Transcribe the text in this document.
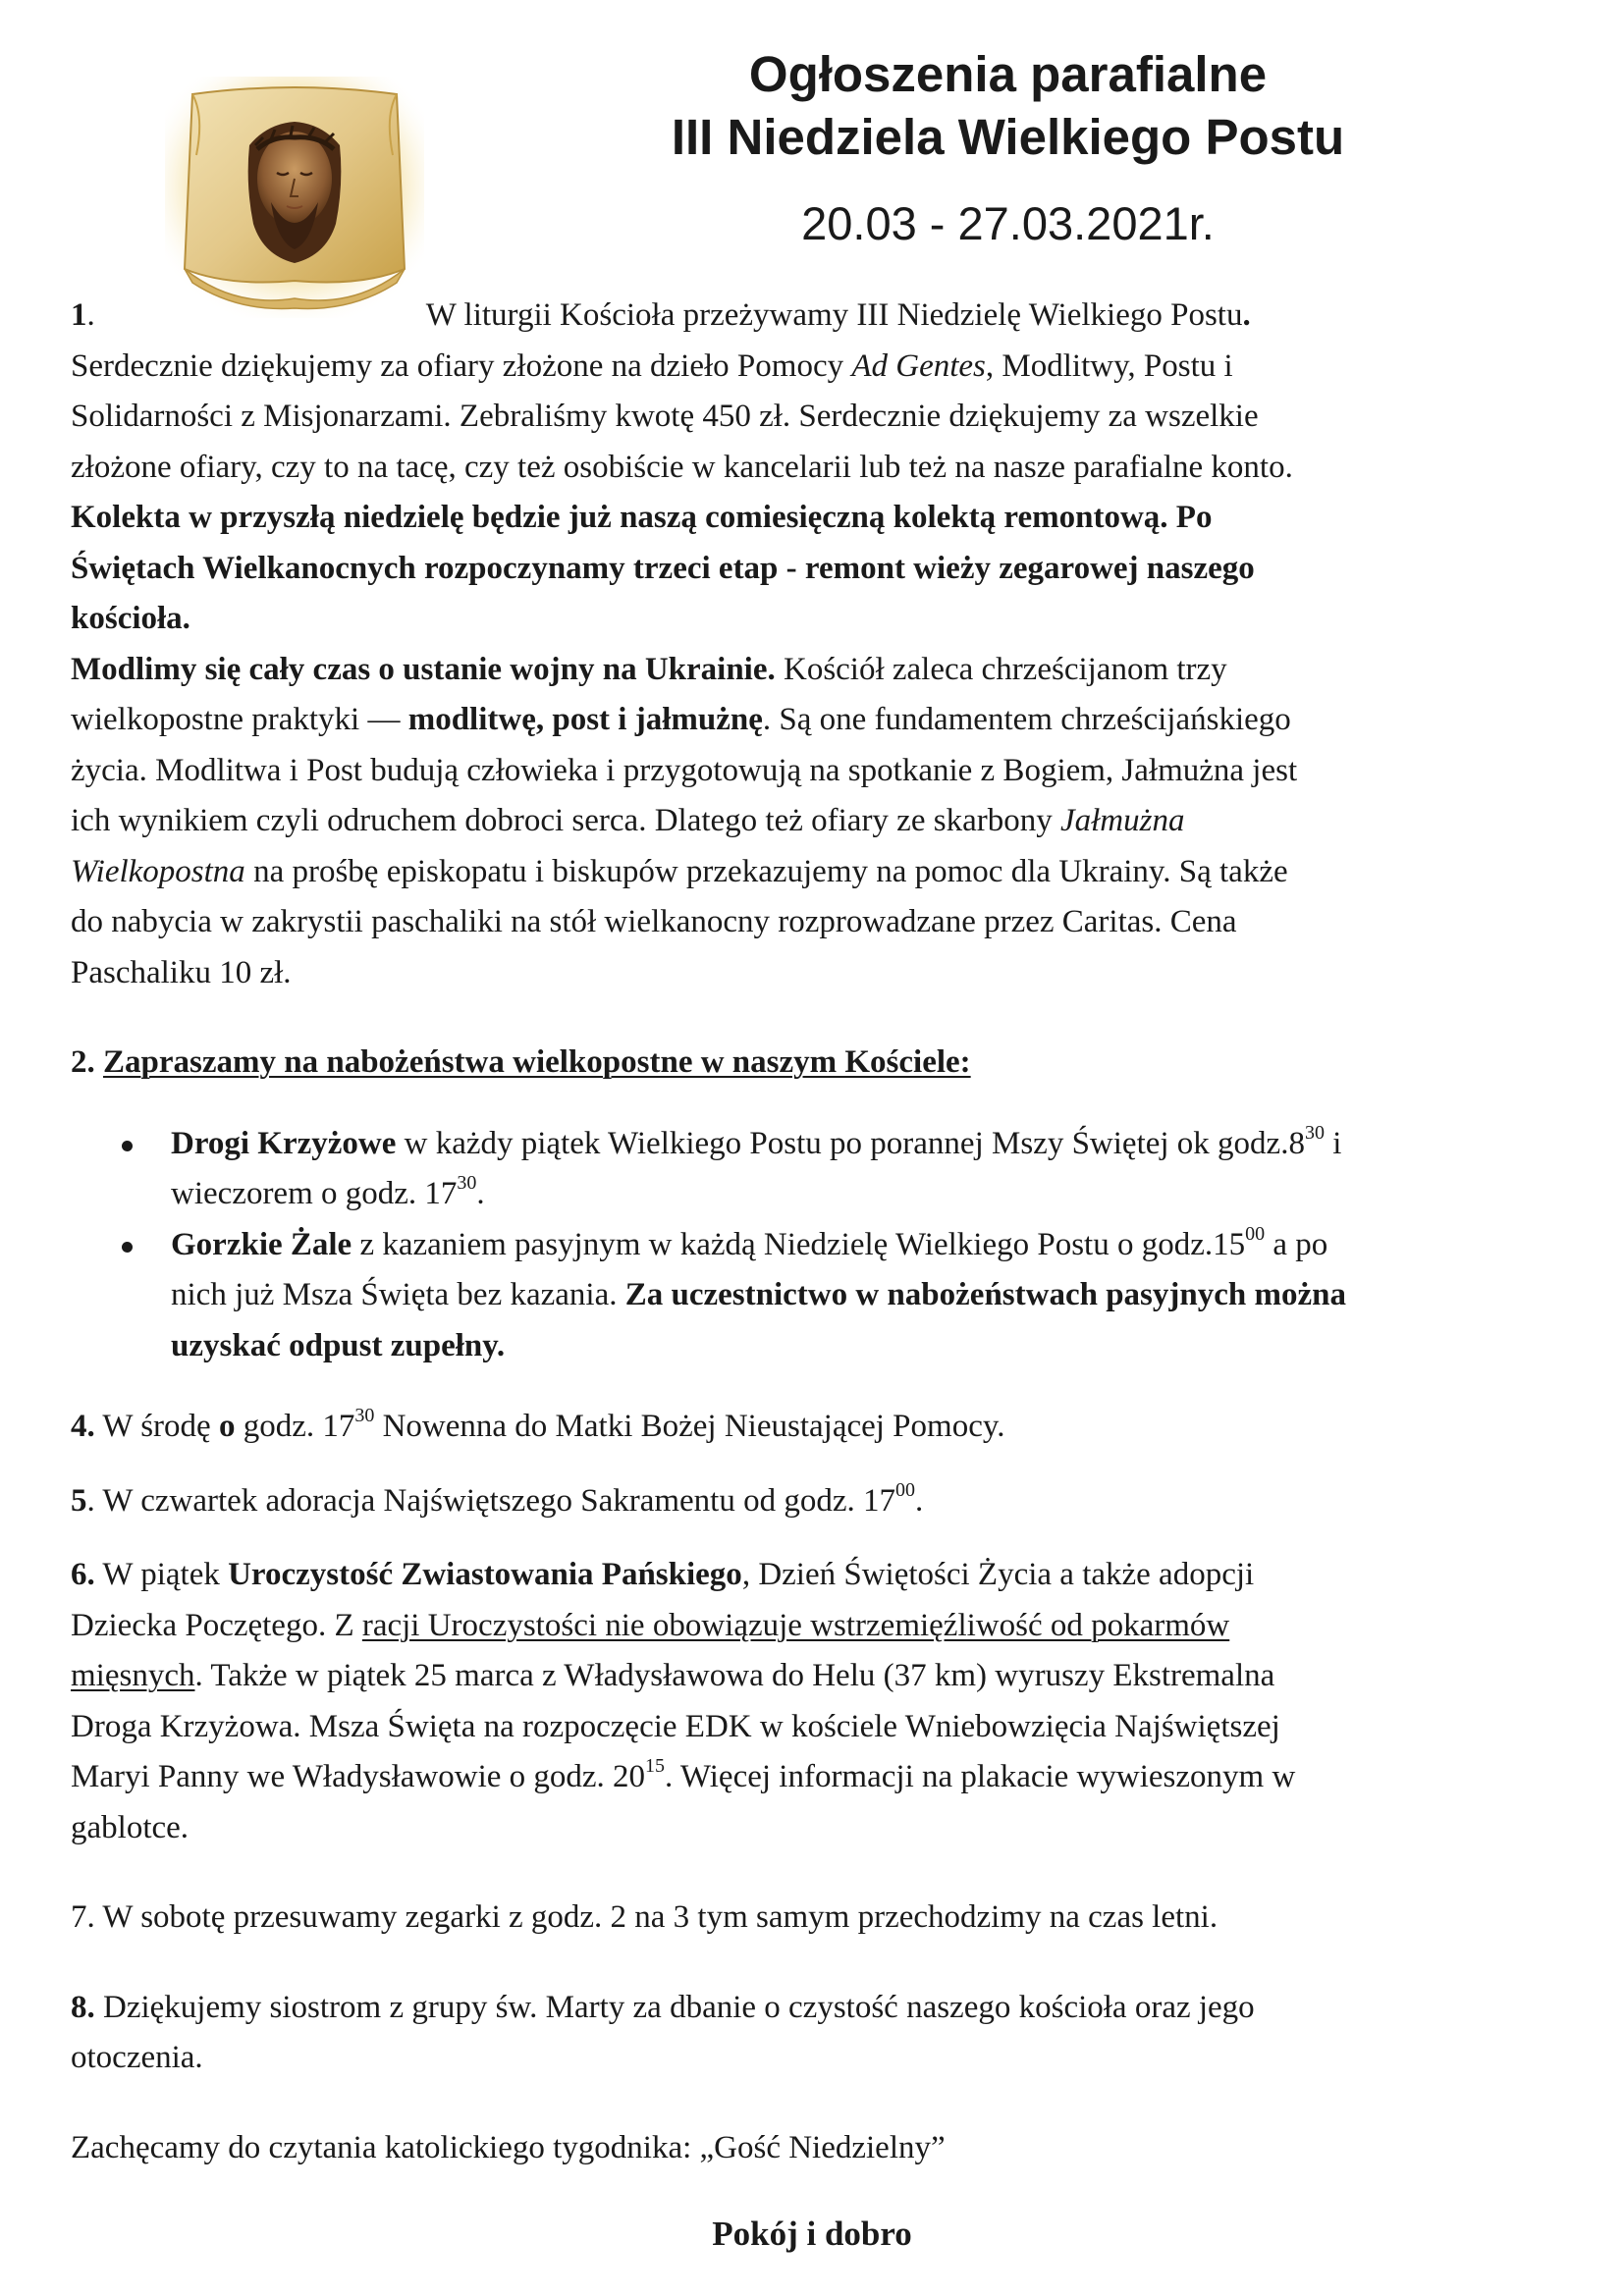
Ogłoszenia parafialne

III Niedziela Wielkiego Postu

20.03 - 27.03.2021r.

1.	W liturgii Kościoła przeżywamy III Niedzielę Wielkiego Postu.

Serdecznie dziękujemy za ofiary złożone na dzieło Pomocy Ad Gentes, Modlitwy, Postu i

Solidarności z Misjonarzami. Zebraliśmy kwotę 450 zł. Serdecznie dziękujemy za wszelkie

złożone ofiary, czy to na tacę, czy też osobiście w kancelarii lub też na nasze parafialne konto.

Kolekta w przyszłą niedzielę będzie już naszą comiesięczną kolektą remontową. Po

Świętach Wielkanocnych rozpoczynamy trzeci etap - remont wieży zegarowej naszego

kościoła.

Modlimy się cały czas o ustanie wojny na Ukrainie. Kościół zaleca chrześcijanom trzy

wielkopostne praktyki — modlitwę, post i jałmużnę. Są one fundamentem chrześcijańskiego

życia. Modlitwa i Post budują człowieka i przygotowują na spotkanie z Bogiem, Jałmużna jest

ich wynikiem czyli odruchem dobroci serca. Dlatego też ofiary ze skarbony Jałmużna

Wielkopostna na prośbę episkopatu i biskupów przekazujemy na pomoc dla Ukrainy. Są także

do nabycia w zakrystii paschaliki na stół wielkanocny rozprowadzane przez Caritas. Cena

Paschaliku 10 zł.

2. Zapraszamy na nabożeństwa wielkopostne w naszym Kościele:

Drogi Krzyżowe w każdy piątek Wielkiego Postu po porannej Mszy Świętej ok $godz.8^{30}$ i

wieczorem o godz. $17^{30}$.

Gorzkie Żale z kazaniem pasyjnym w każdą Niedzielę Wielkiego Postu o $godz.15^{00}$ a po

nich już Msza Święta bez kazania. Za uczestnictwo w nabożeństwach pasyjnych można

uzyskać odpust zupełny.

4. W środę o godz. $17^{30}$ Nowenna do Matki Bożej Nieustającej Pomocy.

5. W czwartek adoracja Najświętszego Sakramentu od godz. $17^{00}$.

6. W piątek Uroczystość Zwiastowania Pańskiego, Dzień Świętości Życia a także adopcji

Dziecka Poczętego. Z racji Uroczystości nie obowiązuje wstrzemięźliwość od pokarmów

mięsnych. Także w piątek 25 marca z Władysławowa do Helu (37 km) wyruszy Ekstremalna

Droga Krzyżowa. Msza Święta na rozpoczęcie EDK w kościele Wniebowzięcia Najświętszej

Maryi Panny we Władysławowie o godz. $20^{15}$. Więcej informacji na plakacie wywieszonym w

gablotce.

7. W sobotę przesuwamy zegarki z godz. 2 na 3 tym samym przechodzimy na czas letni.

8. Dziękujemy siostrom z grupy św. Marty za dbanie o czystość naszego kościoła oraz jego

otoczenia.

Zachęcamy do czytania katolickiego tygodnika: „Gość Niedzielny”

Pokój i dobro
